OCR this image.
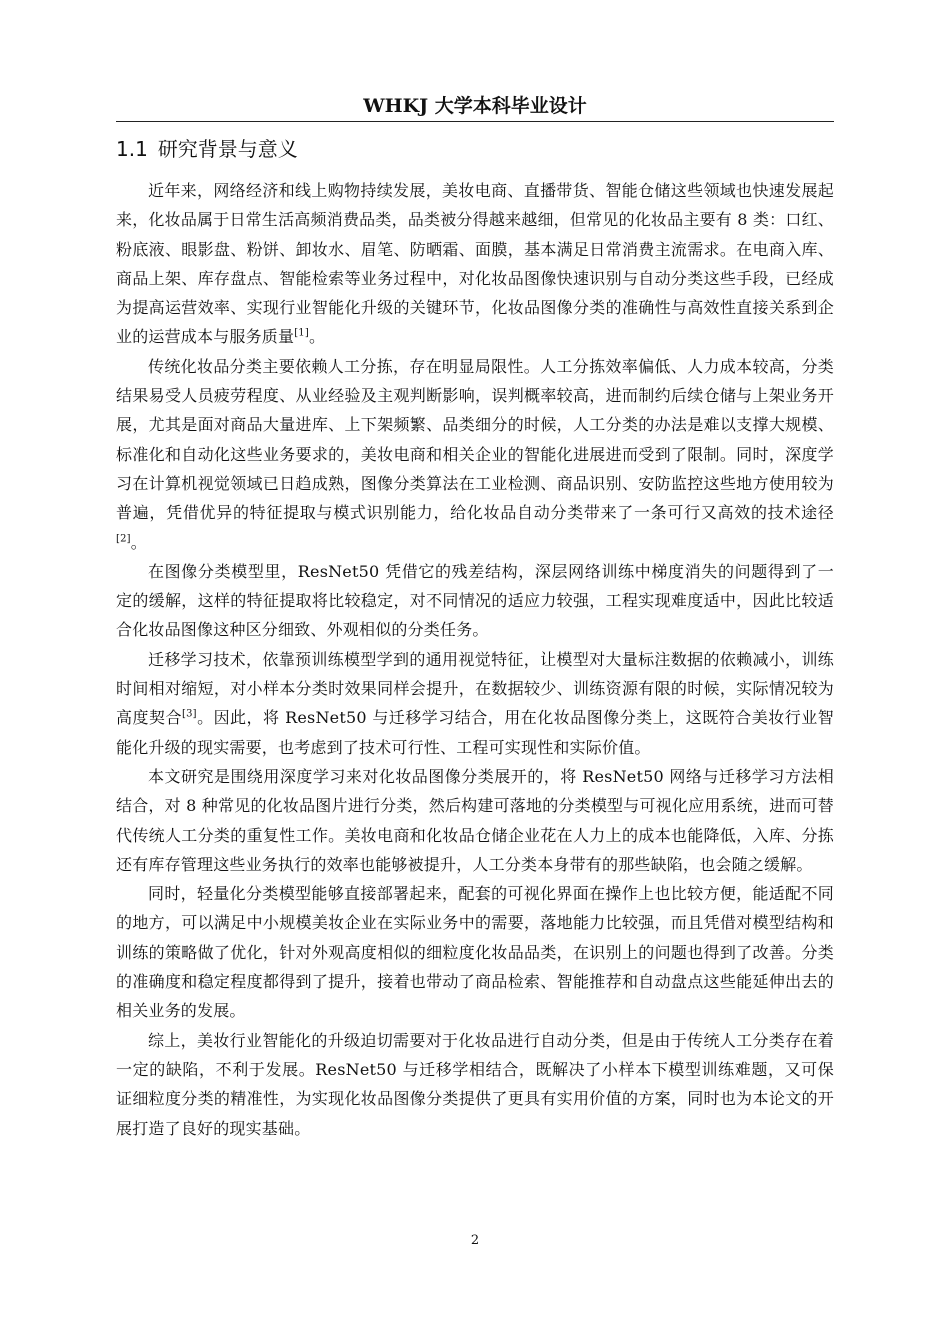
WHKJ 大学本科毕业设计
1.1 研究背景与意义

近年来，网络经济和线上购物持续发展，美妆电商、直播带货、智能仓储这些领域也快速发展起来，化妆品属于日常生活高频消费品类，品类被分得越来越细，但常见的化妆品主要有 8 类：口红、粉底液、眼影盘、粉饼、卸妆水、眉笔、防晒霜、面膜，基本满足日常消费主流需求。在电商入库、商品上架、库存盘点、智能检索等业务过程中，对化妆品图像快速识别与自动分类这些手段，已经成为提高运营效率、实现行业智能化升级的关键环节，化妆品图像分类的准确性与高效性直接关系到企业的运营成本与服务质量[1]。

传统化妆品分类主要依赖人工分拣，存在明显局限性。人工分拣效率偏低、人力成本较高，分类结果易受人员疲劳程度、从业经验及主观判断影响，误判概率较高，进而制约后续仓储与上架业务开展，尤其是面对商品大量进库、上下架频繁、品类细分的时候，人工分类的办法是难以支撑大规模、标准化和自动化这些业务要求的，美妆电商和相关企业的智能化进展进而受到了限制。同时，深度学习在计算机视觉领域已日趋成熟，图像分类算法在工业检测、商品识别、安防监控这些地方使用较为普遍，凭借优异的特征提取与模式识别能力，给化妆品自动分类带来了一条可行又高效的技术途径[2]。

在图像分类模型里，ResNet50 凭借它的残差结构，深层网络训练中梯度消失的问题得到了一定的缓解，这样的特征提取将比较稳定，对不同情况的适应力较强，工程实现难度适中，因此比较适合化妆品图像这种区分细致、外观相似的分类任务。

迁移学习技术，依靠预训练模型学到的通用视觉特征，让模型对大量标注数据的依赖减小，训练时间相对缩短，对小样本分类时效果同样会提升，在数据较少、训练资源有限的时候，实际情况较为高度契合[3]。因此，将 ResNet50 与迁移学习结合，用在化妆品图像分类上，这既符合美妆行业智能化升级的现实需要，也考虑到了技术可行性、工程可实现性和实际价值。

本文研究是围绕用深度学习来对化妆品图像分类展开的，将 ResNet50 网络与迁移学习方法相结合，对 8 种常见的化妆品图片进行分类，然后构建可落地的分类模型与可视化应用系统，进而可替代传统人工分类的重复性工作。美妆电商和化妆品仓储企业花在人力上的成本也能降低，入库、分拣还有库存管理这些业务执行的效率也能够被提升，人工分类本身带有的那些缺陷，也会随之缓解。

同时，轻量化分类模型能够直接部署起来，配套的可视化界面在操作上也比较方便，能适配不同的地方，可以满足中小规模美妆企业在实际业务中的需要，落地能力比较强，而且凭借对模型结构和训练的策略做了优化，针对外观高度相似的细粒度化妆品品类，在识别上的问题也得到了改善。分类的准确度和稳定程度都得到了提升，接着也带动了商品检索、智能推荐和自动盘点这些能延伸出去的相关业务的发展。

综上，美妆行业智能化的升级迫切需要对于化妆品进行自动分类，但是由于传统人工分类存在着一定的缺陷，不利于发展。ResNet50 与迁移学相结合，既解决了小样本下模型训练难题，又可保证细粒度分类的精准性，为实现化妆品图像分类提供了更具有实用价值的方案，同时也为本论文的开展打造了良好的现实基础。

2
